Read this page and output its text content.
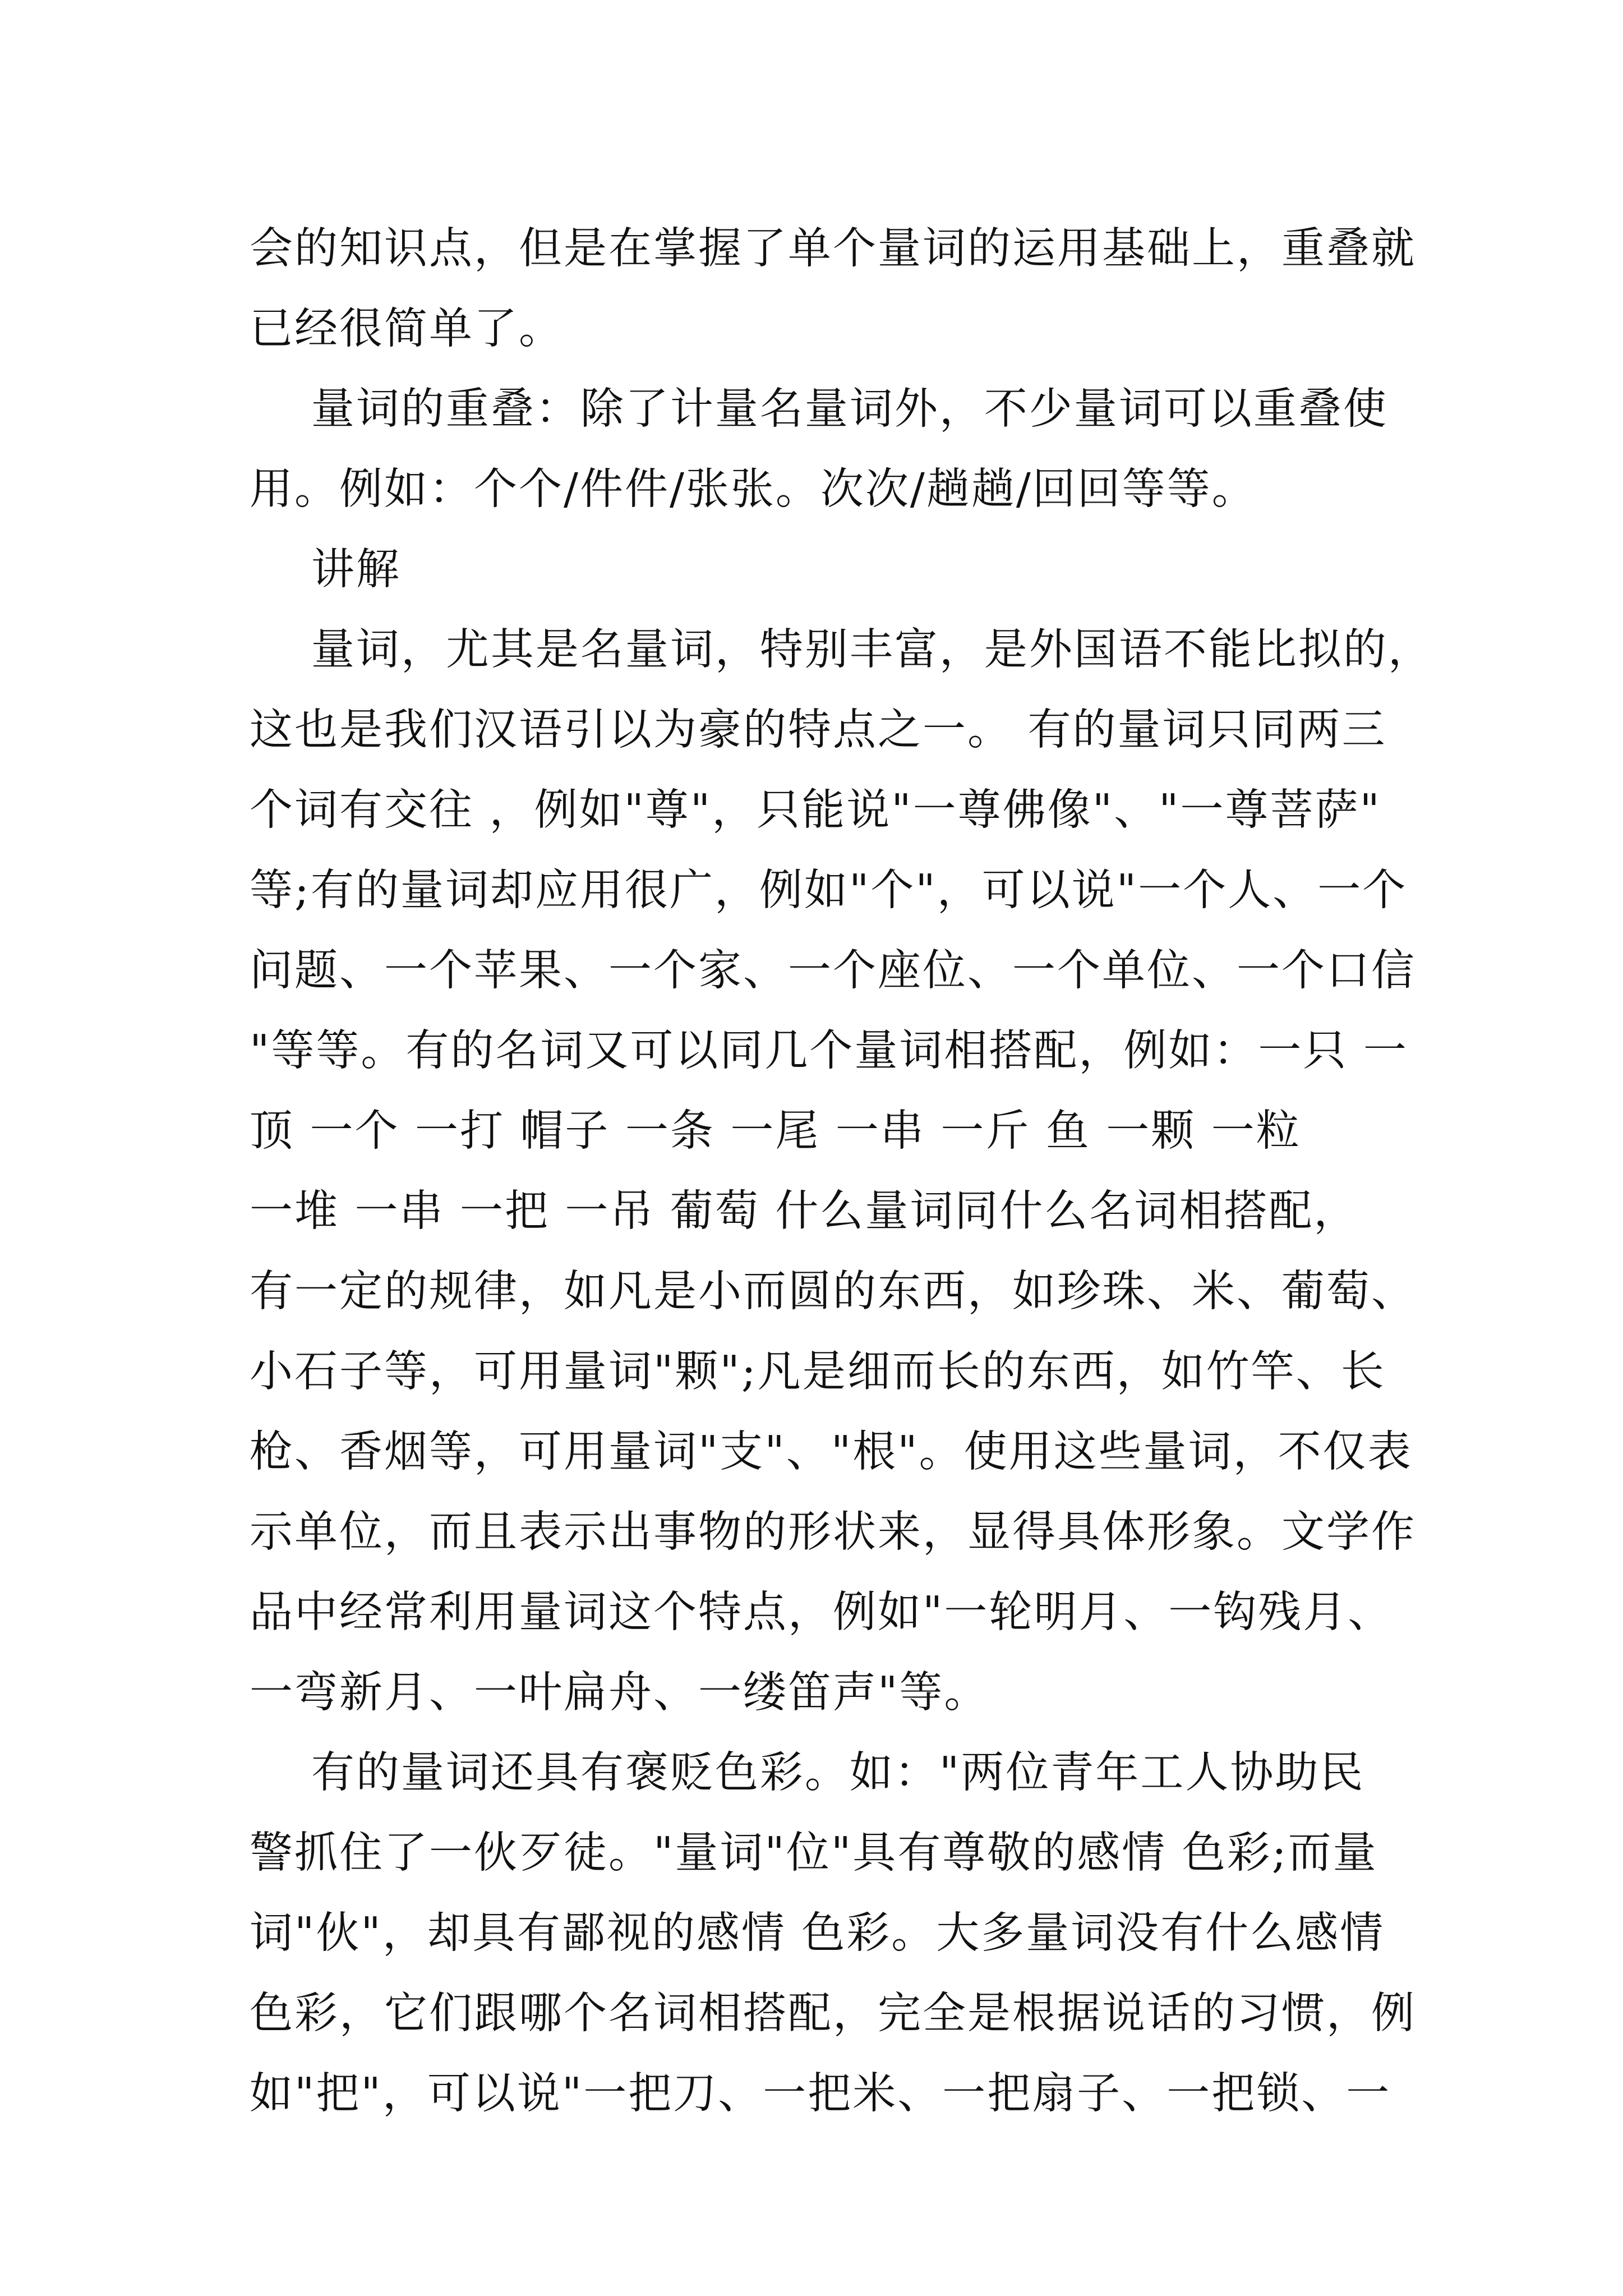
会的知识点，但是在掌握了单个量词的运用基础上，重叠就
已经很简单了。
量词的重叠：除了计量名量词外，不少量词可以重叠使
用。例如：个个/件件/张张。次次/趟趟/回回等等。
讲解
量词，尤其是名量词，特别丰富，是外国语不能比拟的，
这也是我们汉语引以为豪的特点之一。 有的量词只同两三
个词有交往 ，例如"尊"，只能说"一尊佛像"、"一尊菩萨"
等;有的量词却应用很广，例如"个"，可以说"一个人、一个
问题、一个苹果、一个家、一个座位、一个单位、一个口信
"等等。有的名词又可以同几个量词相搭配，例如：一只 一
顶 一个 一打 帽子 一条 一尾 一串 一斤 鱼 一颗 一粒
一堆 一串 一把 一吊 葡萄 什么量词同什么名词相搭配，
有一定的规律，如凡是小而圆的东西，如珍珠、米、葡萄、
小石子等，可用量词"颗";凡是细而长的东西，如竹竿、长
枪、香烟等，可用量词"支"、"根"。使用这些量词，不仅表
示单位，而且表示出事物的形状来，显得具体形象。文学作
品中经常利用量词这个特点，例如"一轮明月、一钩残月、
一弯新月、一叶扁舟、一缕笛声"等。
有的量词还具有褒贬色彩。如："两位青年工人协助民
警抓住了一伙歹徒。"量词"位"具有尊敬的感情 色彩;而量
词"伙"，却具有鄙视的感情 色彩。大多量词没有什么感情
色彩，它们跟哪个名词相搭配，完全是根据说话的习惯，例
如"把"，可以说"一把刀、一把米、一把扇子、一把锁、一
